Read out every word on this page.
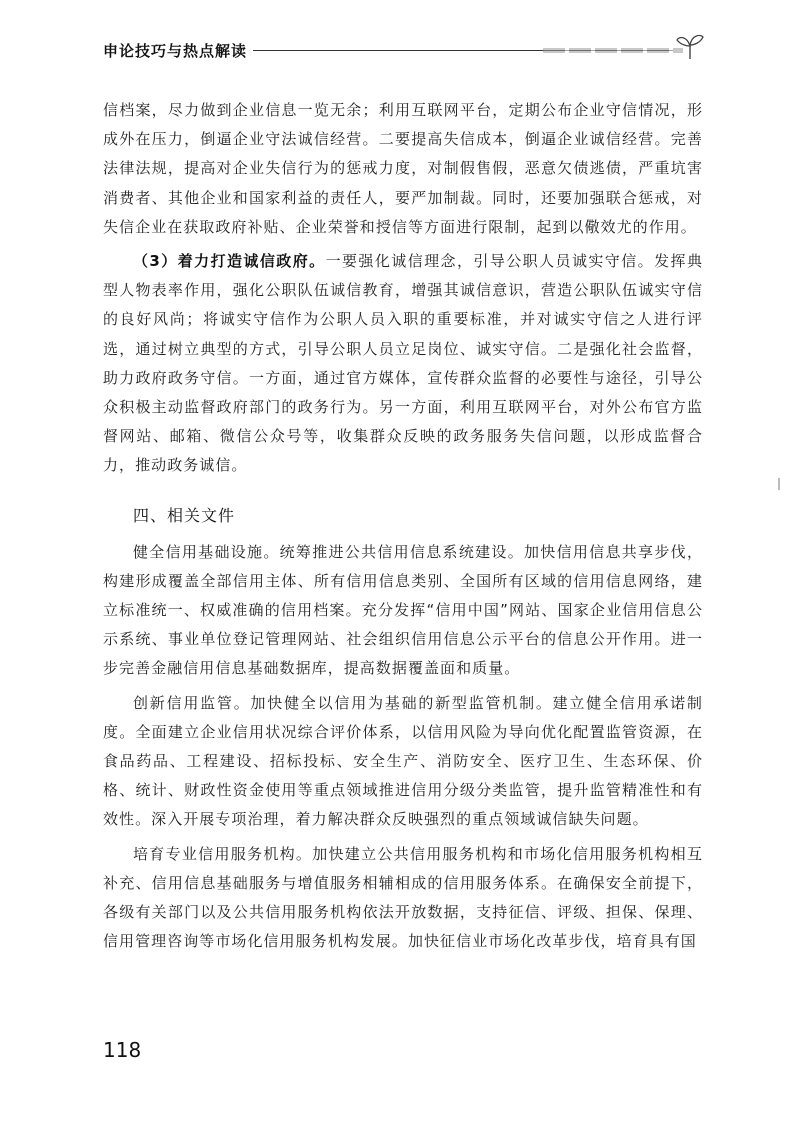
申论技巧与热点解读

信档案，尽力做到企业信息一览无余；利用互联网平台，定期公布企业守信情况，形成外在压力，倒逼企业守法诚信经营。二要提高失信成本，倒逼企业诚信经营。完善法律法规，提高对企业失信行为的惩戒力度，对制假售假，恶意欠债逃债，严重坑害消费者、其他企业和国家利益的责任人，要严加制裁。同时，还要加强联合惩戒，对失信企业在获取政府补贴、企业荣誉和授信等方面进行限制，起到以儆效尤的作用。

（3）着力打造诚信政府。一要强化诚信理念，引导公职人员诚实守信。发挥典型人物表率作用，强化公职队伍诚信教育，增强其诚信意识，营造公职队伍诚实守信的良好风尚；将诚实守信作为公职人员入职的重要标准，并对诚实守信之人进行评选，通过树立典型的方式，引导公职人员立足岗位、诚实守信。二是强化社会监督，助力政府政务守信。一方面，通过官方媒体，宣传群众监督的必要性与途径，引导公众积极主动监督政府部门的政务行为。另一方面，利用互联网平台，对外公布官方监督网站、邮箱、微信公众号等，收集群众反映的政务服务失信问题，以形成监督合力，推动政务诚信。

四、相关文件

健全信用基础设施。统筹推进公共信用信息系统建设。加快信用信息共享步伐，构建形成覆盖全部信用主体、所有信用信息类别、全国所有区域的信用信息网络，建立标准统一、权威准确的信用档案。充分发挥“信用中国”网站、国家企业信用信息公示系统、事业单位登记管理网站、社会组织信用信息公示平台的信息公开作用。进一步完善金融信用信息基础数据库，提高数据覆盖面和质量。

创新信用监管。加快健全以信用为基础的新型监管机制。建立健全信用承诺制度。全面建立企业信用状况综合评价体系，以信用风险为导向优化配置监管资源，在食品药品、工程建设、招标投标、安全生产、消防安全、医疗卫生、生态环保、价格、统计、财政性资金使用等重点领域推进信用分级分类监管，提升监管精准性和有效性。深入开展专项治理，着力解决群众反映强烈的重点领域诚信缺失问题。

培育专业信用服务机构。加快建立公共信用服务机构和市场化信用服务机构相互补充、信用信息基础服务与增值服务相辅相成的信用服务体系。在确保安全前提下，各级有关部门以及公共信用服务机构依法开放数据，支持征信、评级、担保、保理、信用管理咨询等市场化信用服务机构发展。加快征信业市场化改革步伐，培育具有国

118
